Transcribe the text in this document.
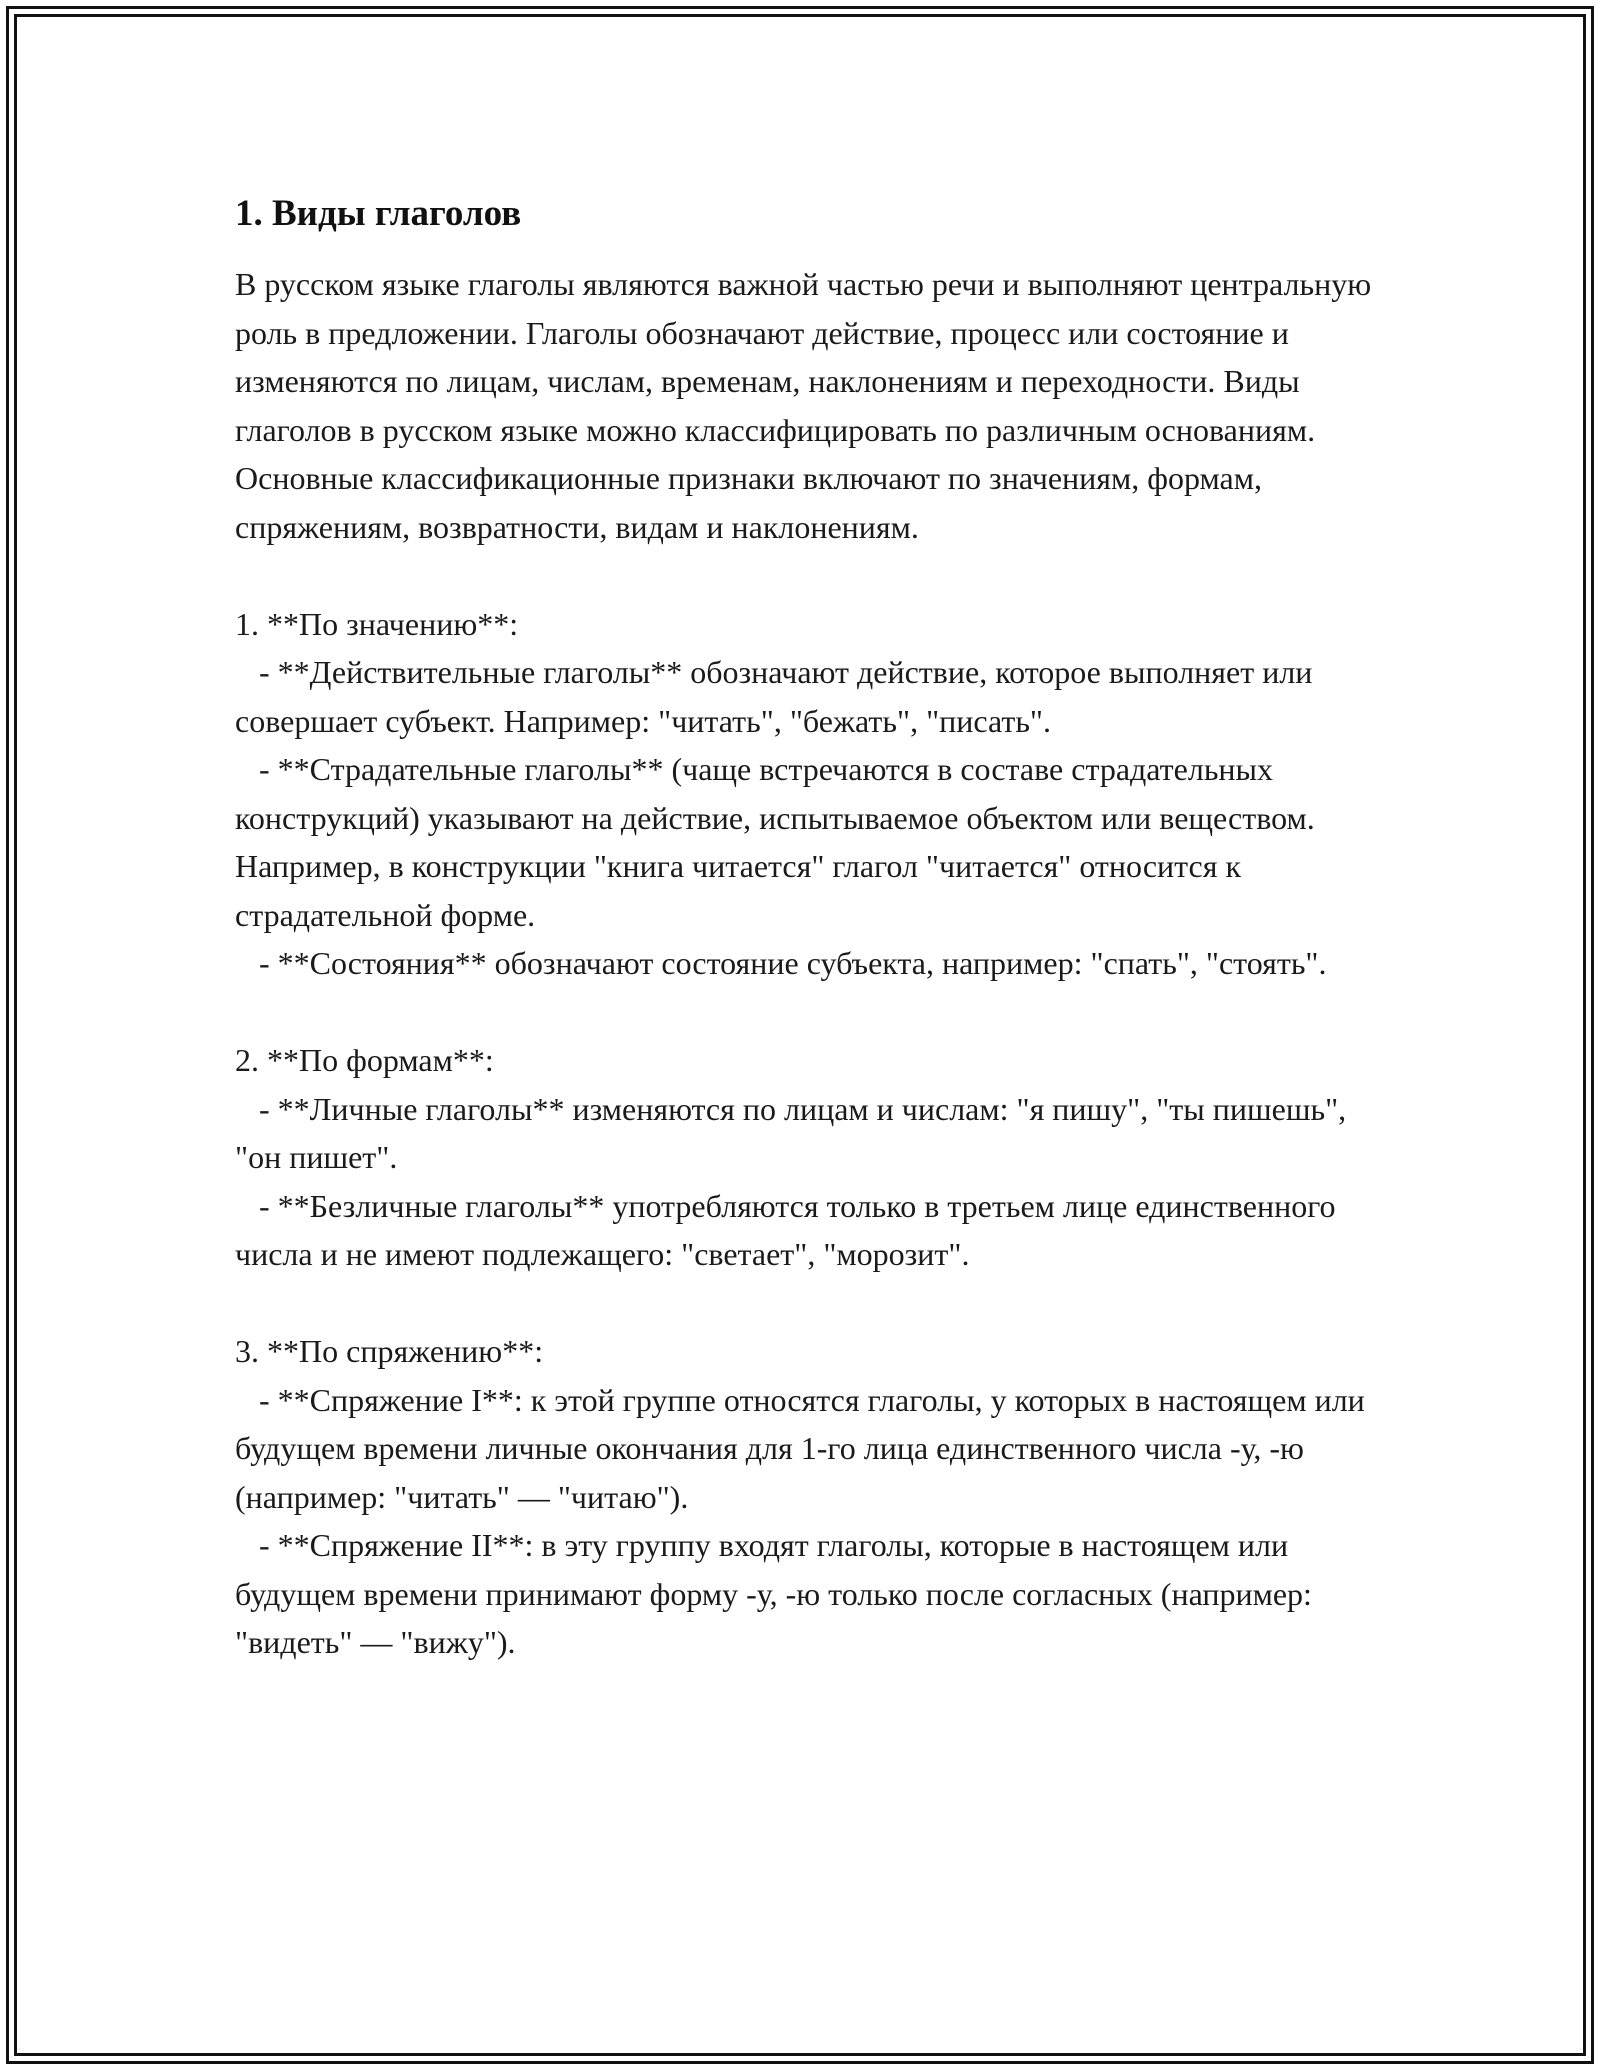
1. Виды глаголов

В русском языке глаголы являются важной частью речи и выполняют центральную роль в предложении. Глаголы обозначают действие, процесс или состояние и изменяются по лицам, числам, временам, наклонениям и переходности. Виды глаголов в русском языке можно классифицировать по различным основаниям. Основные классификационные признаки включают по значениям, формам, спряжениям, возвратности, видам и наклонениям.

1. **По значению**:

- **Действительные глаголы** обозначают действие, которое выполняет или совершает субъект. Например: "читать", "бежать", "писать".

- **Страдательные глаголы** (чаще встречаются в составе страдательных конструкций) указывают на действие, испытываемое объектом или веществом. Например, в конструкции "книга читается" глагол "читается" относится к страдательной форме.

- **Состояния** обозначают состояние субъекта, например: "спать", "стоять".

2. **По формам**:

- **Личные глаголы** изменяются по лицам и числам: "я пишу", "ты пишешь", "он пишет".

- **Безличные глаголы** употребляются только в третьем лице единственного числа и не имеют подлежащего: "светает", "морозит".

3. **По спряжению**:

- **Спряжение I**: к этой группе относятся глаголы, у которых в настоящем или будущем времени личные окончания для 1-го лица единственного числа -у, -ю (например: "читать" — "читаю").

- **Спряжение II**: в эту группу входят глаголы, которые в настоящем или будущем времени принимают форму -у, -ю только после согласных (например: "видеть" — "вижу").
